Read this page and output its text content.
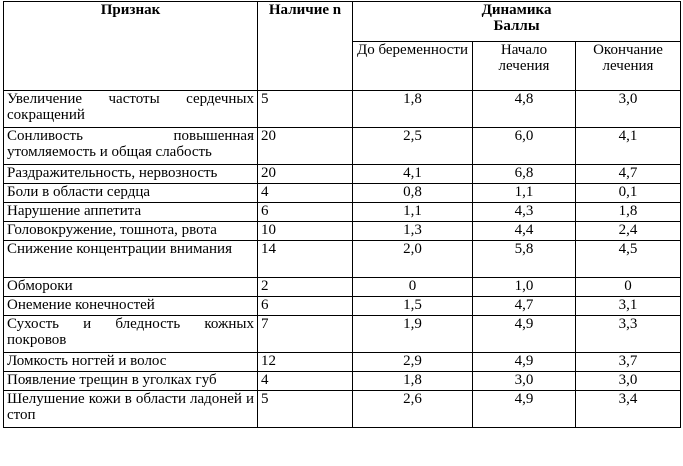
Признак	Наличие n	Динамика
Баллы		

		До беременности	Начало лечения	Окончание лечения
Увеличение частоты сердечных сокращений	5	1,8	4,8	3,0
Сонливость повышенная утомляемость и общая слабость	20	2,5	6,0	4,1
Раздражительность, нервозность	20	4,1	6,8	4,7
Боли в области сердца	4	0,8	1,1	0,1
Нарушение аппетита	6	1,1	4,3	1,8
Головокружение, тошнота, рвота	10	1,3	4,4	2,4
Снижение концентрации внимания	14	2,0	5,8	4,5
Обмороки	2	0	1,0	0
Онемение конечностей	6	1,5	4,7	3,1
Сухость и бледность кожных покровов	7	1,9	4,9	3,3
Ломкость ногтей и волос	12	2,9	4,9	3,7
Появление трещин в уголках губ	4	1,8	3,0	3,0
Шелушение кожи в области ладоней и стоп	5	2,6	4,9	3,4
